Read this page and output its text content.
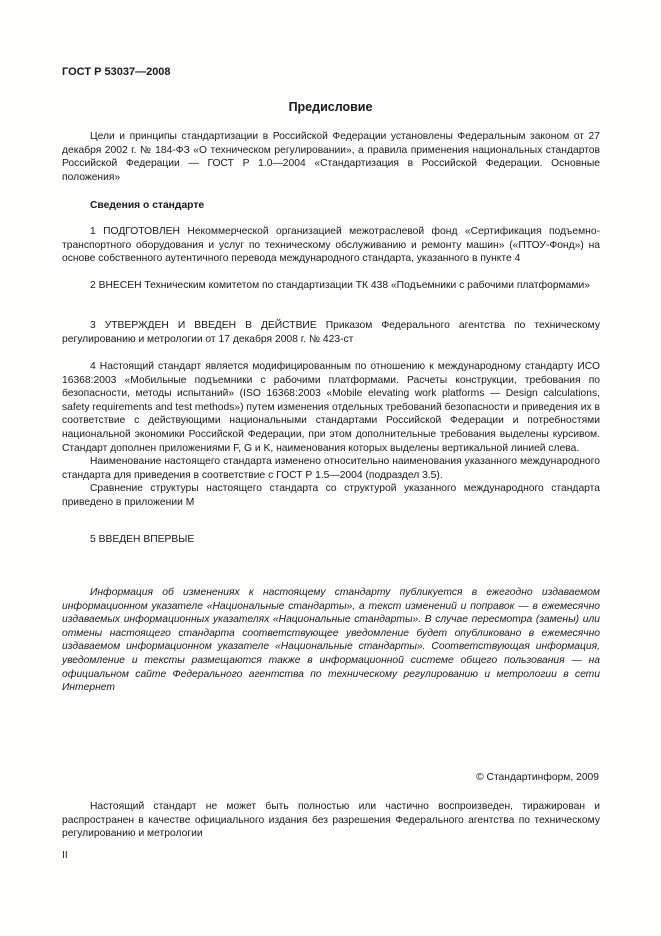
ГОСТ Р 53037—2008
Предисловие

Цели и принципы стандартизации в Российской Федерации установлены Федеральным законом от 27 декабря 2002 г. № 184-ФЗ «О техническом регулировании», а правила применения национальных стандартов Российской Федерации — ГОСТ Р 1.0—2004 «Стандартизация в Российской Федерации. Основные положения»

Сведения о стандарте

1 ПОДГОТОВЛЕН Некоммерческой организацией межотраслевой фонд «Сертификация подъемно-транспортного оборудования и услуг по техническому обслуживанию и ремонту машин» («ПТОУ-Фонд») на основе собственного аутентичного перевода международного стандарта, указанного в пункте 4

2 ВНЕСЕН Техническим комитетом по стандартизации ТК 438 «Подъемники с рабочими платформами»

3 УТВЕРЖДЕН И ВВЕДЕН В ДЕЙСТВИЕ Приказом Федерального агентства по техническому регулированию и метрологии от 17 декабря 2008 г. № 423-ст

4 Настоящий стандарт является модифицированным по отношению к международному стандарту ИСО 16368:2003 «Мобильные подъемники с рабочими платформами. Расчеты конструкции, требования по безопасности, методы испытаний» (ISO 16368:2003 «Mobile elevating work platforms — Design calculations, safety requirements and test methods») путем изменения отдельных требований безопасности и приведения их в соответствие с действующими национальными стандартами Российской Федерации и потребностями национальной экономики Российской Федерации, при этом дополнительные требования выделены курсивом. Стандарт дополнен приложениями F, G и K, наименования которых выделены вертикальной линией слева.

Наименование настоящего стандарта изменено относительно наименования указанного международного стандарта для приведения в соответствие с ГОСТ Р 1.5—2004 (подраздел 3.5).

Сравнение структуры настоящего стандарта со структурой указанного международного стандарта приведено в приложении М

5 ВВЕДЕН ВПЕРВЫЕ

Информация об изменениях к настоящему стандарту публикуется в ежегодно издаваемом информационном указателе «Национальные стандарты», а текст изменений и поправок — в ежемесячно издаваемых информационных указателях «Национальные стандарты». В случае пересмотра (замены) или отмены настоящего стандарта соответствующее уведомление будет опубликовано в ежемесячно издаваемом информационном указателе «Национальные стандарты». Соответствующая информация, уведомление и тексты размещаются также в информационной системе общего пользования — на официальном сайте Федерального агентства по техническому регулированию и метрологии в сети Интернет

© Стандартинформ, 2009

Настоящий стандарт не может быть полностью или частично воспроизведен, тиражирован и распространен в качестве официального издания без разрешения Федерального агентства по техническому регулированию и метрологии

II
